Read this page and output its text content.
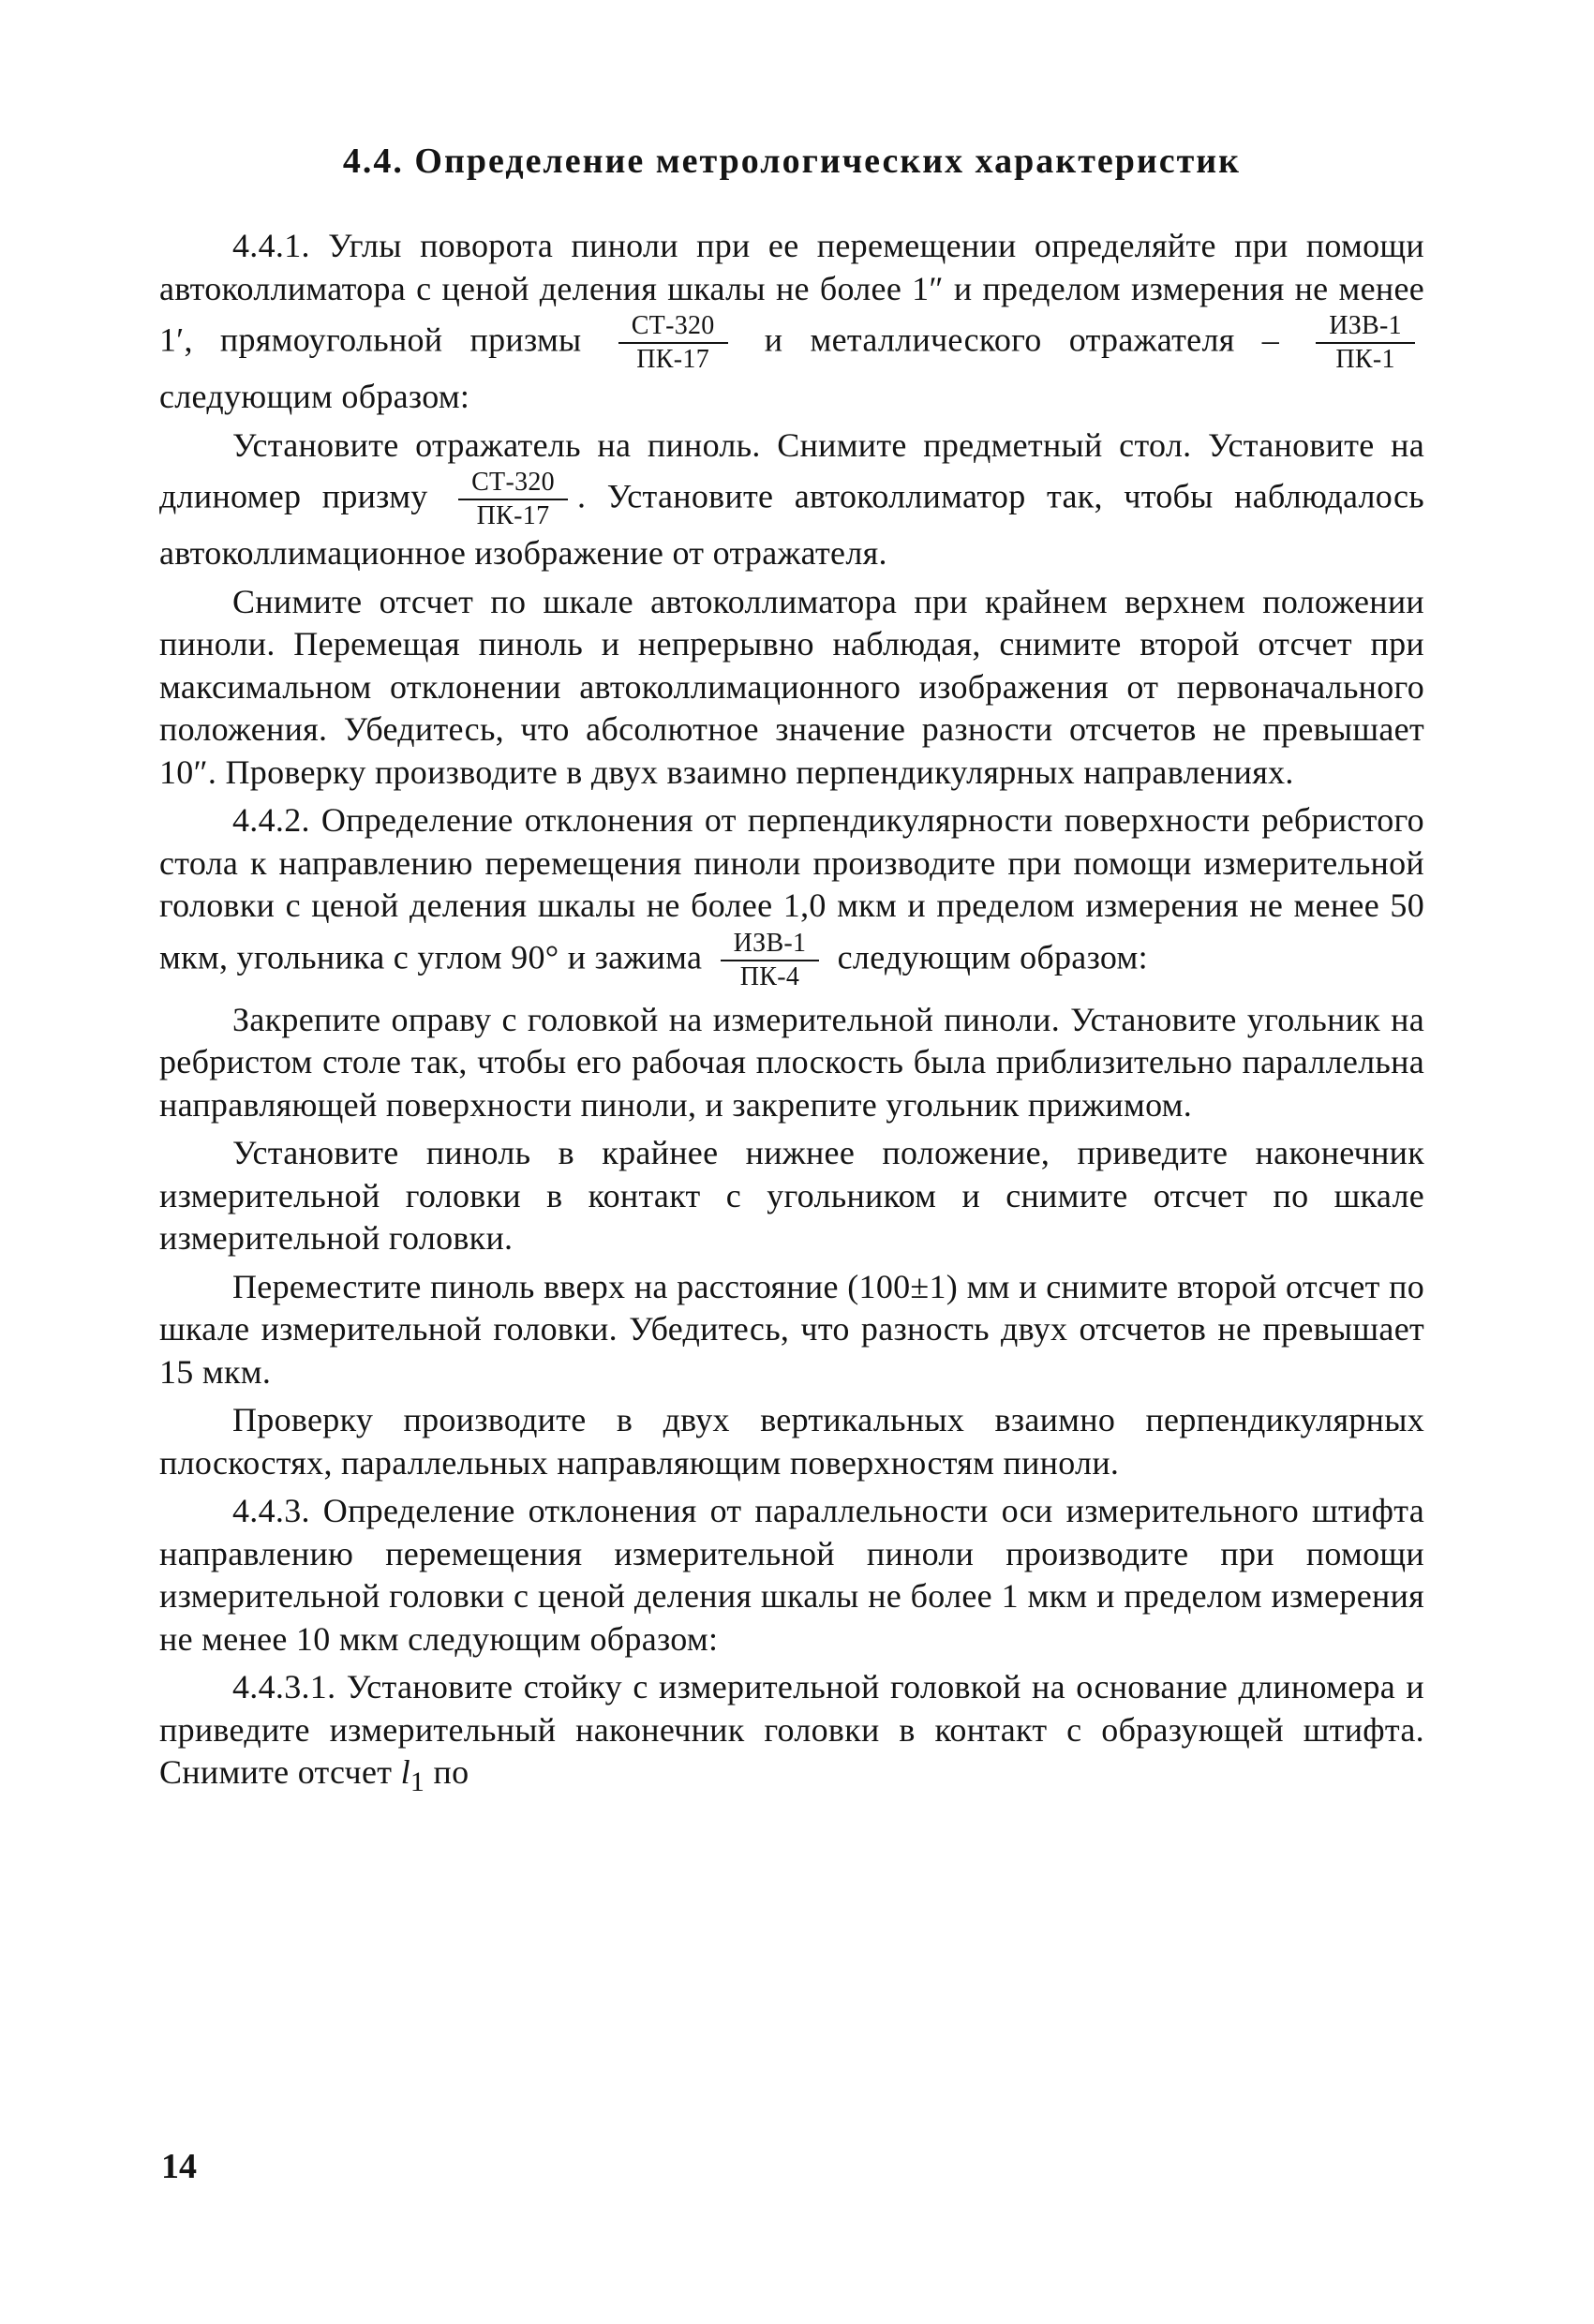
4.4. Определение метрологических характеристик

4.4.1. Углы поворота пиноли при ее перемещении определяйте при помощи автоколлиматора с ценой деления шкалы не более 1″ и пределом измерения не менее 1′, прямоугольной призмы $\frac{СТ-320}{ПК-17}$ и металлического отражателя – $\frac{\text{ИЗВ-1}}{ПК-1}$
следующим образом:

Установите отражатель на пиноль. Снимите предметный стол. Установите на длиномер призму $\frac{СТ-320}{ПК-17}$ . Установите автоколлиматор так, чтобы наблюдалось автоколлимационное изображение от отражателя.

Снимите отсчет по шкале автоколлиматора при крайнем верхнем положении пиноли. Перемещая пиноль и непрерывно наблюдая, снимите второй отсчет при максимальном отклонении автоколлимационного изображения от первоначального положения. Убедитесь, что абсолютное значение разности отсчетов не превышает 10″. Проверку производите в двух взаимно перпендикулярных направлениях.

4.4.2. Определение отклонения от перпендикулярности поверхности ребристого стола к направлению перемещения пиноли производите при помощи измерительной головки с ценой деления шкалы не более 1,0 мкм и пределом измерения не менее 50 мкм, угольника с углом 90° и зажима $\frac{\text{ИЗВ-1}}{ПК-4}$ следующим образом:

Закрепите оправу с головкой на измерительной пиноли. Установите угольник на ребристом столе так, чтобы его рабочая плоскость была приблизительно параллельна направляющей поверхности пиноли, и закрепите угольник прижимом.

Установите пиноль в крайнее нижнее положение, приведите наконечник измерительной головки в контакт с угольником и снимите отсчет по шкале измерительной головки.

Переместите пиноль вверх на расстояние (100±1) мм и снимите второй отсчет по шкале измерительной головки. Убедитесь, что разность двух отсчетов не превышает 15 мкм.

Проверку производите в двух вертикальных взаимно перпендикулярных плоскостях, параллельных направляющим поверхностям пиноли.

4.4.3. Определение отклонения от параллельности оси измерительного штифта направлению перемещения измерительной пиноли производите при помощи измерительной головки с ценой деления шкалы не более 1 мкм и пределом измерения не менее 10 мкм следующим образом:

4.4.3.1. Установите стойку с измерительной головкой на основание длиномера и приведите измерительный наконечник головки в контакт с образующей штифта. Снимите отсчет $l_1$ по

14
